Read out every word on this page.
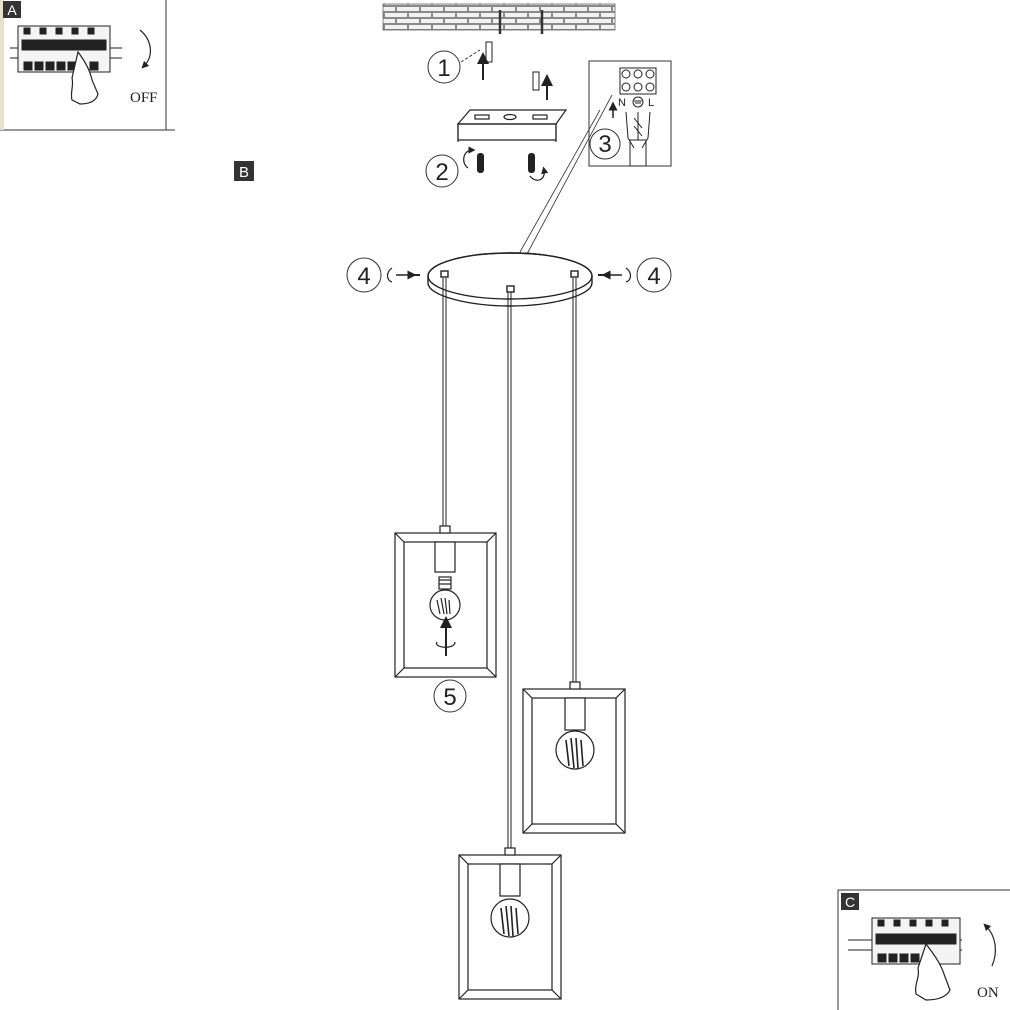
A
OFF
B
1
2
N L
3
4	4
5
C
ON
